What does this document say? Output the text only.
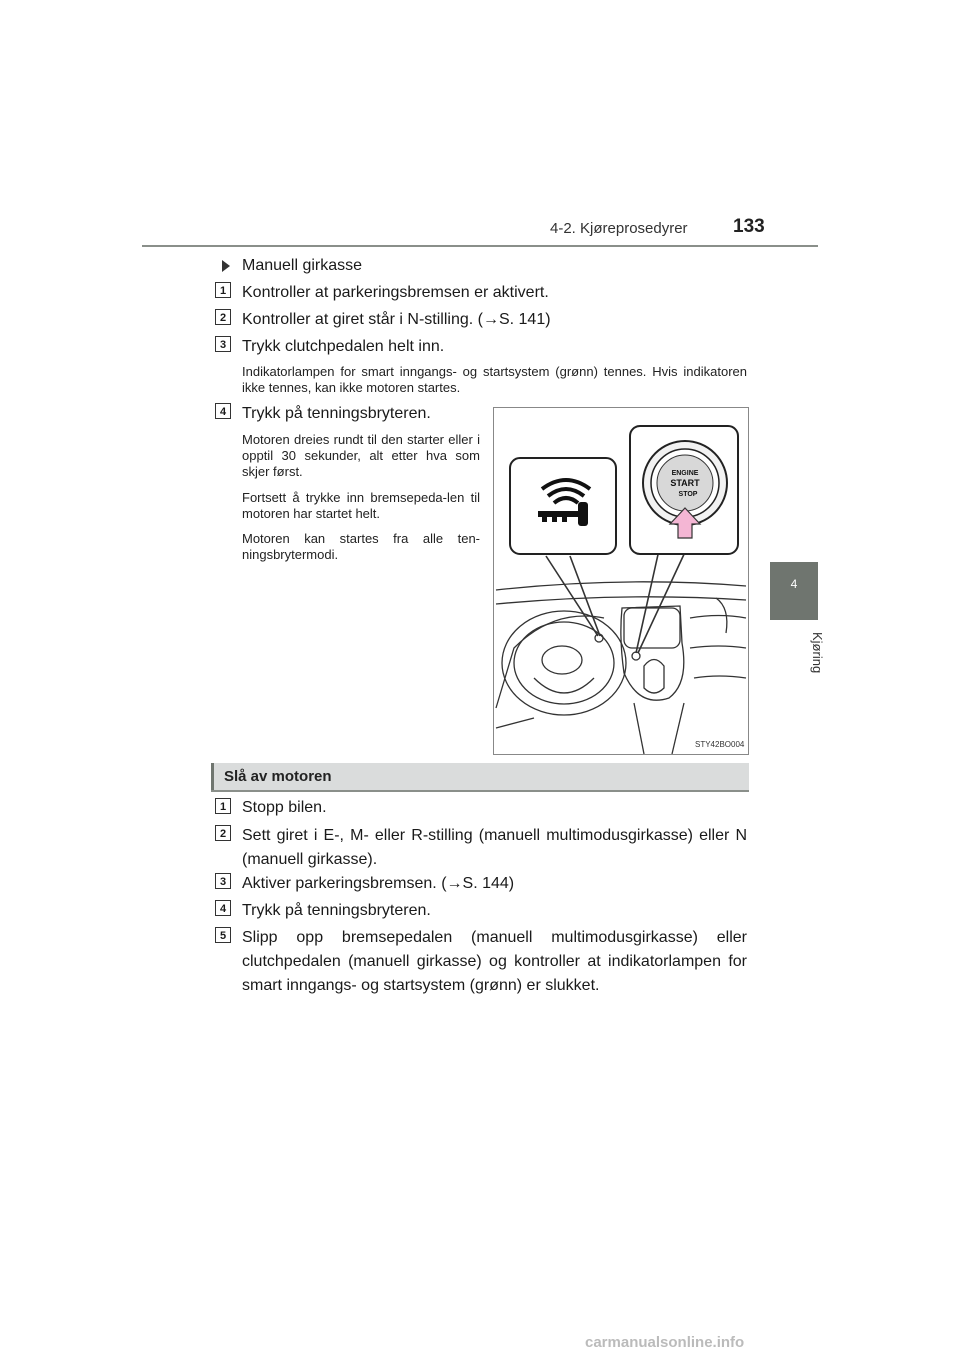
4-2. Kjøreprosedyrer 133
4
Kjøring
Manuell girkasse
1 Kontroller at parkeringsbremsen er aktivert.
2 Kontroller at giret står i N-stilling. (→S. 141)
3 Trykk clutchpedalen helt inn.
Indikatorlampen for smart inngangs- og startsystem (grønn) tennes. Hvis indikatoren ikke tennes, kan ikke motoren startes.
4 Trykk på tenningsbryteren.
Motoren dreies rundt til den starter eller i opptil 30 sekunder, alt etter hva som skjer først.
Fortsett å trykke inn bremsepeda-len til motoren har startet helt.
Motoren kan startes fra alle ten-ningsbrytermodi.
ENGINE
START
STOP
STY42BO004
Slå av motoren
1 Stopp bilen.
2 Sett giret i E-, M- eller R-stilling (manuell multimodusgirkasse) eller N (manuell girkasse).
3 Aktiver parkeringsbremsen. (→S. 144)
4 Trykk på tenningsbryteren.
5 Slipp opp bremsepedalen (manuell multimodusgirkasse) eller clutchpedalen (manuell girkasse) og kontroller at indikatorlampen for smart inngangs- og startsystem (grønn) er slukket.
carmanualsonline.info
